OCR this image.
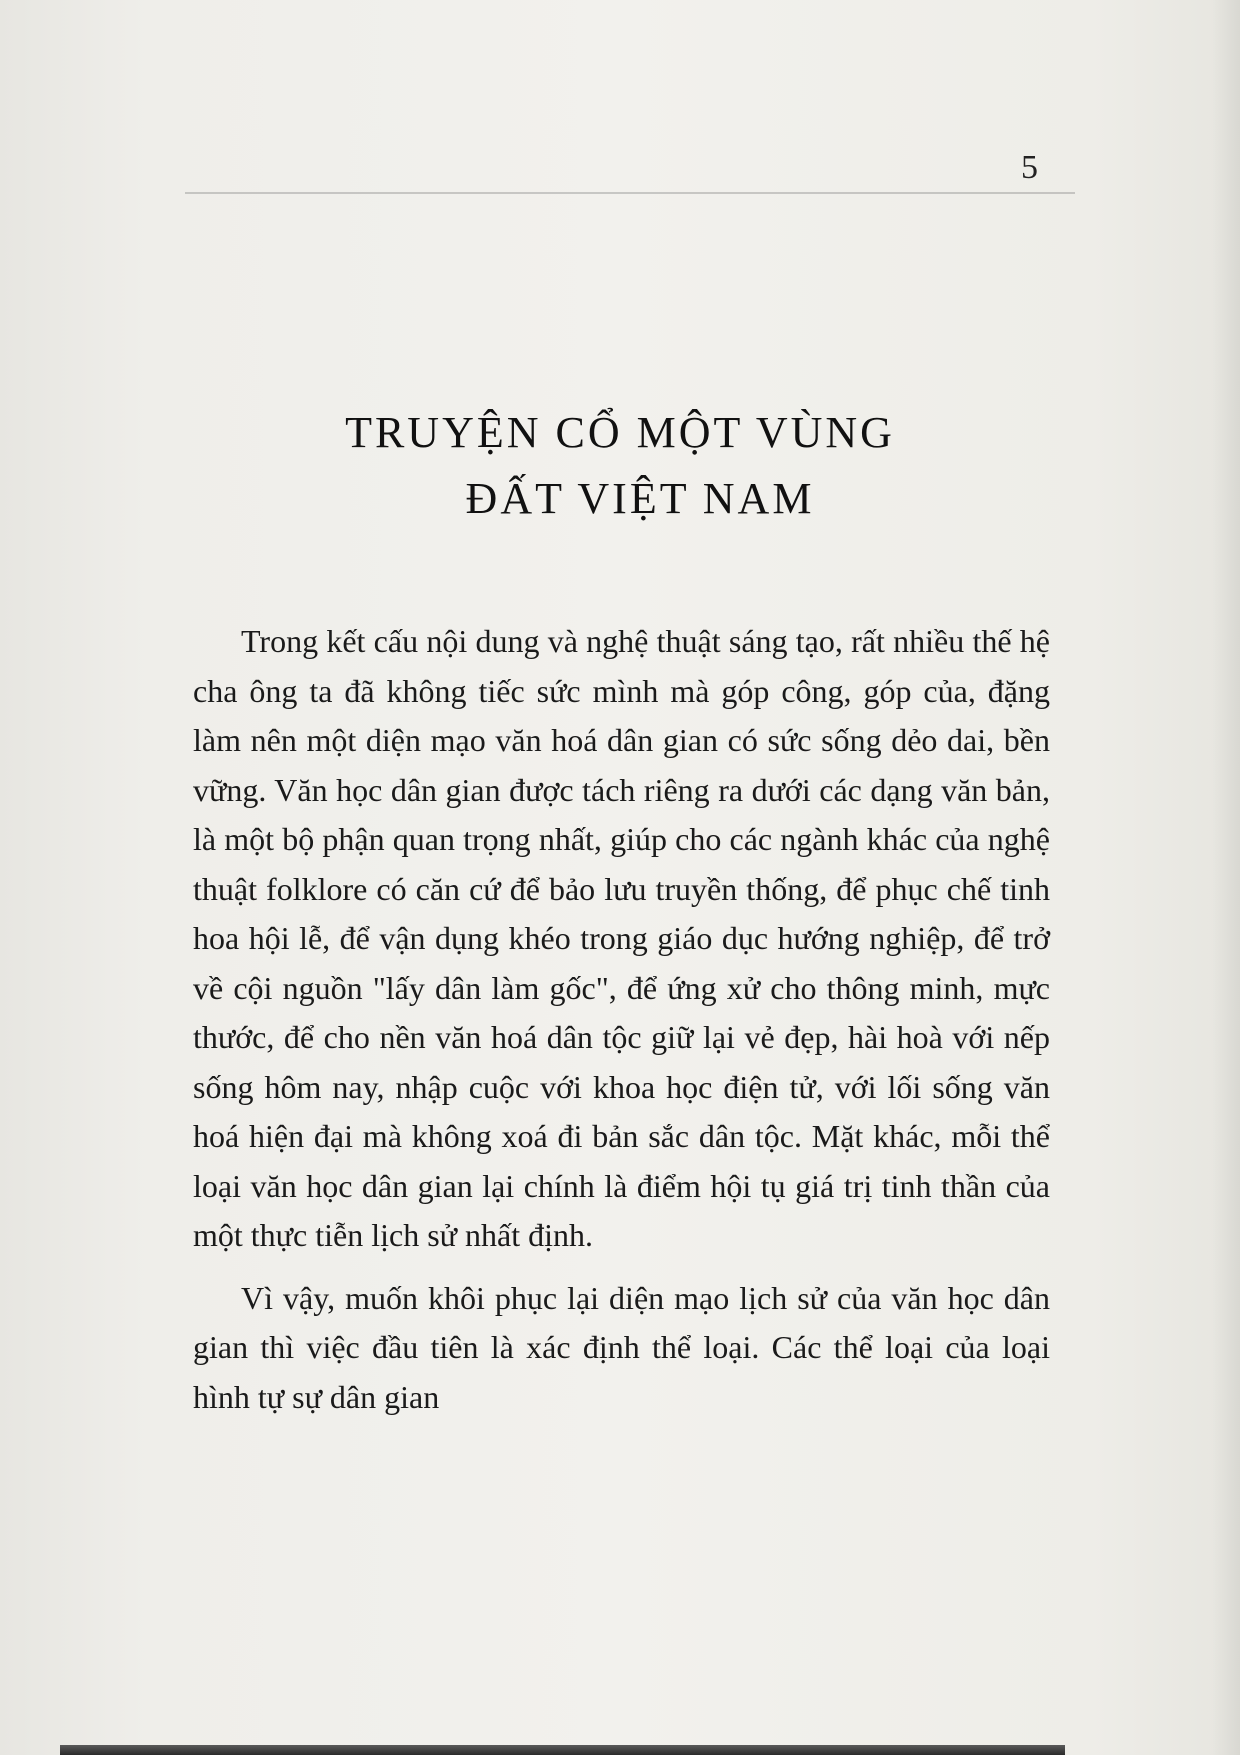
5
TRUYỆN CỔ MỘT VÙNG
ĐẤT VIỆT NAM

Trong kết cấu nội dung và nghệ thuật sáng tạo, rất nhiều thế hệ cha ông ta đã không tiếc sức mình mà góp công, góp của, đặng làm nên một diện mạo văn hoá dân gian có sức sống dẻo dai, bền vững. Văn học dân gian được tách riêng ra dưới các dạng văn bản, là một bộ phận quan trọng nhất, giúp cho các ngành khác của nghệ thuật folklore có căn cứ để bảo lưu truyền thống, để phục chế tinh hoa hội lễ, để vận dụng khéo trong giáo dục hướng nghiệp, để trở về cội nguồn "lấy dân làm gốc", để ứng xử cho thông minh, mực thước, để cho nền văn hoá dân tộc giữ lại vẻ đẹp, hài hoà với nếp sống hôm nay, nhập cuộc với khoa học điện tử, với lối sống văn hoá hiện đại mà không xoá đi bản sắc dân tộc. Mặt khác, mỗi thể loại văn học dân gian lại chính là điểm hội tụ giá trị tinh thần của một thực tiễn lịch sử nhất định.

Vì vậy, muốn khôi phục lại diện mạo lịch sử của văn học dân gian thì việc đầu tiên là xác định thể loại. Các thể loại của loại hình tự sự dân gian
